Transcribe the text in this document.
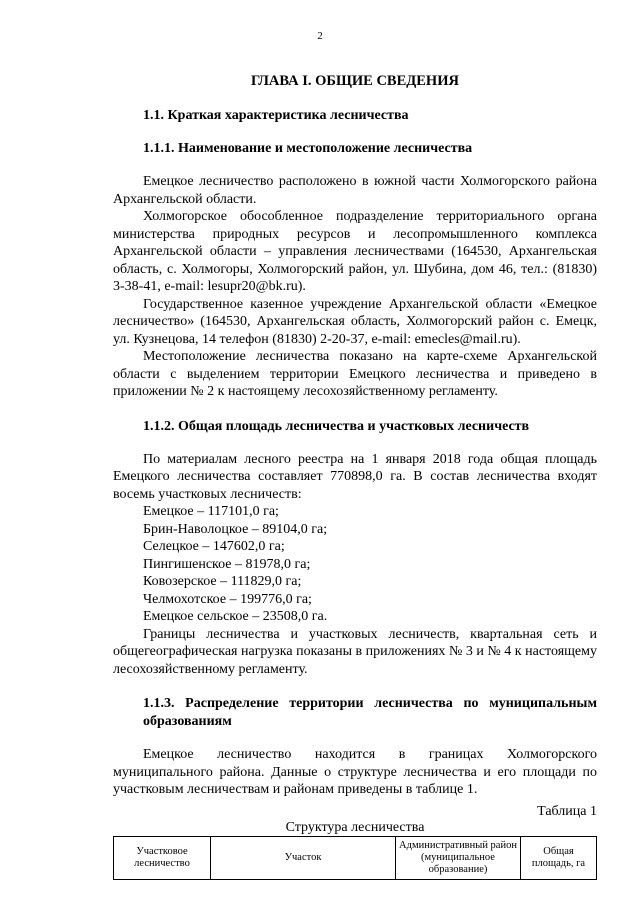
2
ГЛАВА I. ОБЩИЕ СВЕДЕНИЯ
1.1. Краткая характеристика лесничества
1.1.1. Наименование и местоположение лесничества

Емецкое лесничество расположено в южной части Холмогорского района Архангельской области.

Холмогорское обособленное подразделение территориального органа министерства природных ресурсов и лесопромышленного комплекса Архангельской области – управления лесничествами (164530, Архангельская область, с. Холмогоры, Холмогорский район, ул. Шубина, дом 46, тел.: (81830) 3-38-41, e-mail: lesupr20@bk.ru).

Государственное казенное учреждение Архангельской области «Емецкое лесничество» (164530, Архангельская область, Холмогорский район с. Емецк, ул. Кузнецова, 14 телефон (81830) 2-20-37, e-mail: emecles@mail.ru).

Местоположение лесничества показано на карте-схеме Архангельской области с выделением территории Емецкого лесничества и приведено в приложении № 2 к настоящему лесохозяйственному регламенту.

1.1.2. Общая площадь лесничества и участковых лесничеств

По материалам лесного реестра на 1 января 2018 года общая площадь Емецкого лесничества составляет 770898,0 га. В состав лесничества входят восемь участковых лесничеств:

Емецкое – 117101,0 га;
Брин-Наволоцкое – 89104,0 га;
Селецкое – 147602,0 га;
Пингишенское – 81978,0 га;
Ковозерское – 111829,0 га;
Челмохотское – 199776,0 га;
Емецкое сельское – 23508,0 га.

Границы лесничества и участковых лесничеств, квартальная сеть и общегеографическая нагрузка показаны в приложениях № 3 и № 4 к настоящему лесохозяйственному регламенту.

1.1.3. Распределение территории лесничества по муниципальным образованиям

Емецкое лесничество находится в границах Холмогорского муниципального района. Данные о структуре лесничества и его площади по участковым лесничествам и районам приведены в таблице 1.

Таблица 1

Структура лесничества

Участковое лесничество	Участок	Административный район (муниципальное образование)	Общая площадь, га
